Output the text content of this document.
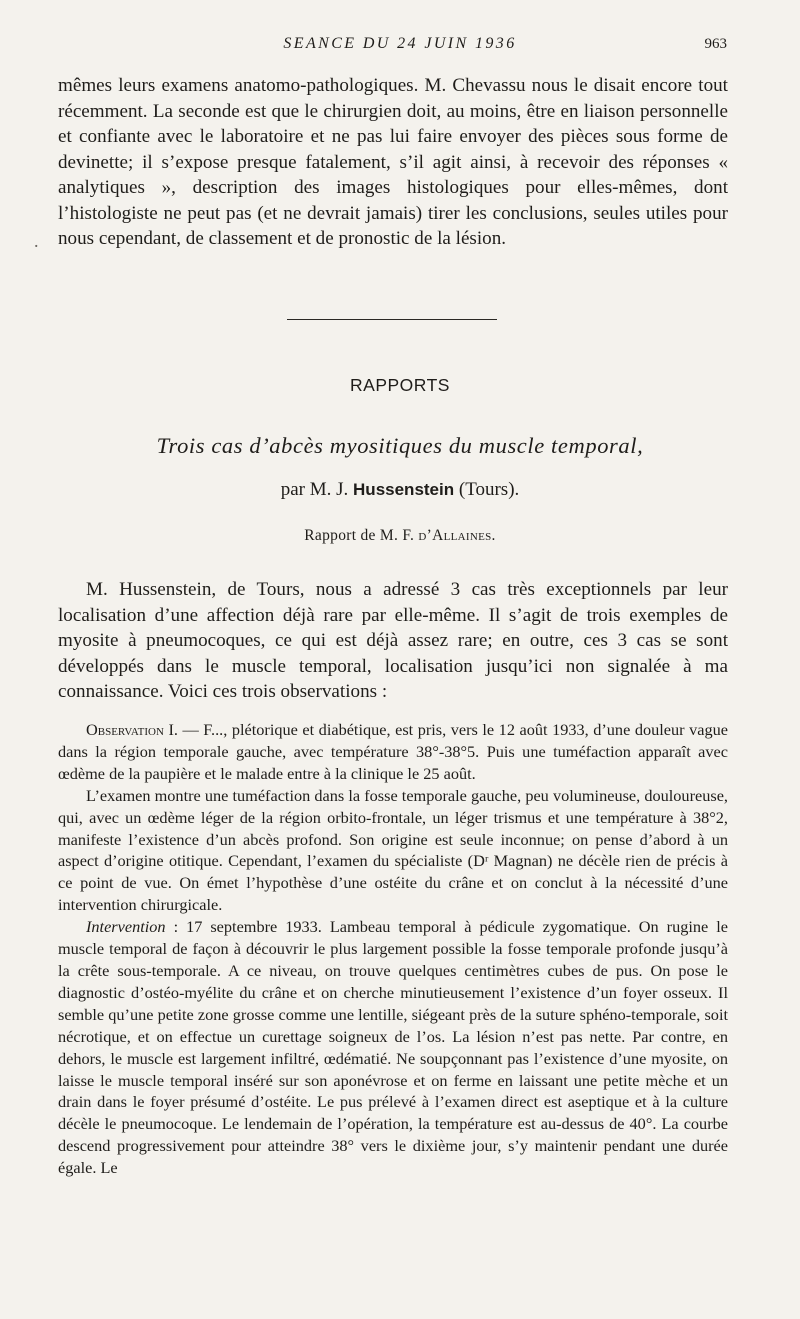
SEANCE DU 24 JUIN 1936	963

mêmes leurs examens anatomo-pathologiques. M. Chevassu nous le disait encore tout récemment. La seconde est que le chirurgien doit, au moins, être en liaison personnelle et confiante avec le laboratoire et ne pas lui faire envoyer des pièces sous forme de devinette; il s’expose presque fatalement, s’il agit ainsi, à recevoir des réponses « analytiques », description des images histologiques pour elles-mêmes, dont l’histologiste ne peut pas (et ne devrait jamais) tirer les conclusions, seules utiles pour nous cependant, de classement et de pronostic de la lésion.

.
RAPPORTS
Trois cas d’abcès myositiques du muscle temporal,
par M. J. Hussenstein (Tours).
Rapport de M. F. d’Allaines.

M. Hussenstein, de Tours, nous a adressé 3 cas très exceptionnels par leur localisation d’une affection déjà rare par elle-même. Il s’agit de trois exemples de myosite à pneumocoques, ce qui est déjà assez rare; en outre, ces 3 cas se sont développés dans le muscle temporal, localisation jusqu’ici non signalée à ma connaissance. Voici ces trois observations :

Observation I. — F..., plétorique et diabétique, est pris, vers le 12 août 1933, d’une douleur vague dans la région temporale gauche, avec température 38°-38°5. Puis une tuméfaction apparaît avec œdème de la paupière et le malade entre à la clinique le 25 août.

L’examen montre une tuméfaction dans la fosse temporale gauche, peu volumineuse, douloureuse, qui, avec un œdème léger de la région orbito-frontale, un léger trismus et une température à 38°2, manifeste l’existence d’un abcès profond. Son origine est seule inconnue; on pense d’abord à un aspect d’origine otitique. Cependant, l’examen du spécialiste (Dʳ Magnan) ne décèle rien de précis à ce point de vue. On émet l’hypothèse d’une ostéite du crâne et on conclut à la nécessité d’une intervention chirurgicale.

Intervention : 17 septembre 1933. Lambeau temporal à pédicule zygomatique. On rugine le muscle temporal de façon à découvrir le plus largement possible la fosse temporale profonde jusqu’à la crête sous-temporale. A ce niveau, on trouve quelques centimètres cubes de pus. On pose le diagnostic d’ostéo-myélite du crâne et on cherche minutieusement l’existence d’un foyer osseux. Il semble qu’une petite zone grosse comme une lentille, siégeant près de la suture sphéno-temporale, soit nécrotique, et on effectue un curettage soigneux de l’os. La lésion n’est pas nette. Par contre, en dehors, le muscle est largement infiltré, œdématié. Ne soupçonnant pas l’existence d’une myosite, on laisse le muscle temporal inséré sur son aponévrose et on ferme en laissant une petite mèche et un drain dans le foyer présumé d’ostéite. Le pus prélevé à l’examen direct est aseptique et à la culture décèle le pneumocoque. Le lendemain de l’opération, la température est au-dessus de 40°. La courbe descend progressivement pour atteindre 38° vers le dixième jour, s’y maintenir pendant une durée égale. Le
